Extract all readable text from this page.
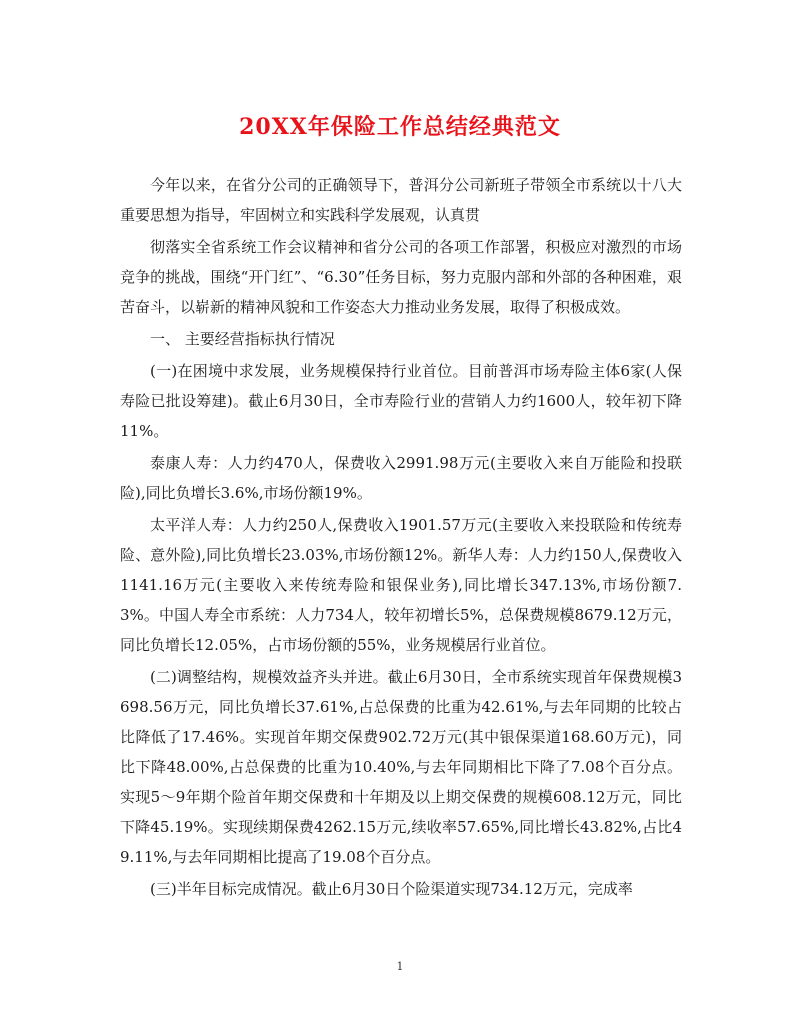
20XX年保险工作总结经典范文

今年以来，在省分公司的正确领导下，普洱分公司新班子带领全市系统以十八大重要思想为指导，牢固树立和实践科学发展观，认真贯

彻落实全省系统工作会议精神和省分公司的各项工作部署，积极应对激烈的市场竞争的挑战，围绕“开门红”、“6.30”任务目标，努力克服内部和外部的各种困难，艰苦奋斗，以崭新的精神风貌和工作姿态大力推动业务发展，取得了积极成效。

一、 主要经营指标执行情况

(一)在困境中求发展，业务规模保持行业首位。目前普洱市场寿险主体6家(人保寿险已批设筹建)。截止6月30日，全市寿险行业的营销人力约1600人，较年初下降11%。

泰康人寿：人力约470人，保费收入2991.98万元(主要收入来自万能险和投联险),同比负增长3.6%,市场份额19%。

太平洋人寿：人力约250人,保费收入1901.57万元(主要收入来投联险和传统寿险、意外险),同比负增长23.03%,市场份额12%。新华人寿：人力约150人,保费收入1141.16万元(主要收入来传统寿险和银保业务),同比增长347.13%,市场份额7.3%。中国人寿全市系统：人力734人，较年初增长5%，总保费规模8679.12万元，同比负增长12.05%，占市场份额的55%，业务规模居行业首位。

(二)调整结构，规模效益齐头并进。截止6月30日，全市系统实现首年保费规模3698.56万元，同比负增长37.61%,占总保费的比重为42.61%,与去年同期的比较占比降低了17.46%。实现首年期交保费902.72万元(其中银保渠道168.60万元)，同比下降48.00%,占总保费的比重为10.40%,与去年同期相比下降了7.08个百分点。实现5～9年期个险首年期交保费和十年期及以上期交保费的规模608.12万元，同比下降45.19%。实现续期保费4262.15万元,续收率57.65%,同比增长43.82%,占比49.11%,与去年同期相比提高了19.08个百分点。

(三)半年目标完成情况。截止6月30日个险渠道实现734.12万元，完成率

1
